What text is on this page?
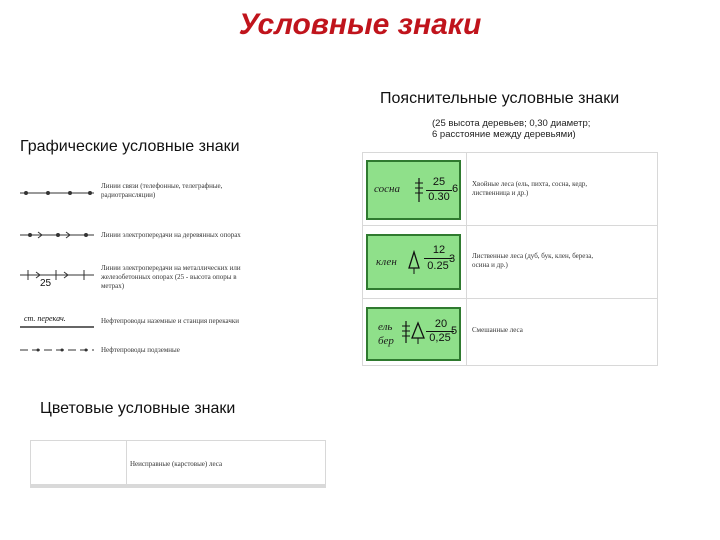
Условные знаки
Пояснительные условные знаки
(25 высота деревьев; 0,30 диаметр;
6 расстояние между деревьями)
сосна
25
0.30
6 Хвойные леса (ель, пихта, сосна, кедр,
лиственница и др.)
клен
12
0.25
3 Лиственные леса (дуб, бук, клен, береза,
осина и др.)
ель
бер
20
0,25
5 Смешанные леса
Графические условные знаки
Линии связи (телефонные, телеграфные,
радиотрансляции)
Линии электропередачи на деревянных опорах
25
Линии электропередачи на металлических или
железобетонных опорах (25 - высота опоры в
метрах)
ст. перекач.	Нефтепроводы наземные и станция перекачки
Нефтепроводы подземные
Цветовые условные знаки
Неисправные (карстовые) леса
